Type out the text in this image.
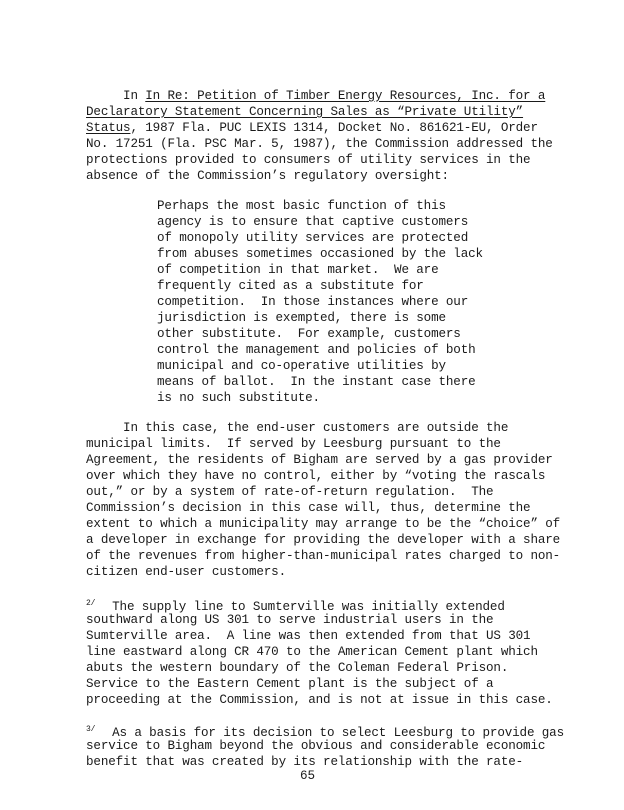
In In Re: Petition of Timber Energy Resources, Inc. for a
Declaratory Statement Concerning Sales as “Private Utility”
Status, 1987 Fla. PUC LEXIS 1314, Docket No. 861621-EU, Order
No. 17251 (Fla. PSC Mar. 5, 1987), the Commission addressed the
protections provided to consumers of utility services in the
absence of the Commission’s regulatory oversight:
Perhaps the most basic function of this
agency is to ensure that captive customers
of monopoly utility services are protected
from abuses sometimes occasioned by the lack
of competition in that market.  We are
frequently cited as a substitute for
competition.  In those instances where our
jurisdiction is exempted, there is some
other substitute.  For example, customers
control the management and policies of both
municipal and co-operative utilities by
means of ballot.  In the instant case there
is no such substitute.
In this case, the end-user customers are outside the
municipal limits.  If served by Leesburg pursuant to the
Agreement, the residents of Bigham are served by a gas provider
over which they have no control, either by “voting the rascals
out,” or by a system of rate-of-return regulation.  The
Commission’s decision in this case will, thus, determine the
extent to which a municipality may arrange to be the “choice” of
a developer in exchange for providing the developer with a share
of the revenues from higher-than-municipal rates charged to non-
citizen end-user customers.
$^{2/}$  The supply line to Sumterville was initially extended
southward along US 301 to serve industrial users in the
Sumterville area.  A line was then extended from that US 301
line eastward along CR 470 to the American Cement plant which
abuts the western boundary of the Coleman Federal Prison.
Service to the Eastern Cement plant is the subject of a
proceeding at the Commission, and is not at issue in this case.
$^{3/}$  As a basis for its decision to select Leesburg to provide gas
service to Bigham beyond the obvious and considerable economic
benefit that was created by its relationship with the rate-
65
